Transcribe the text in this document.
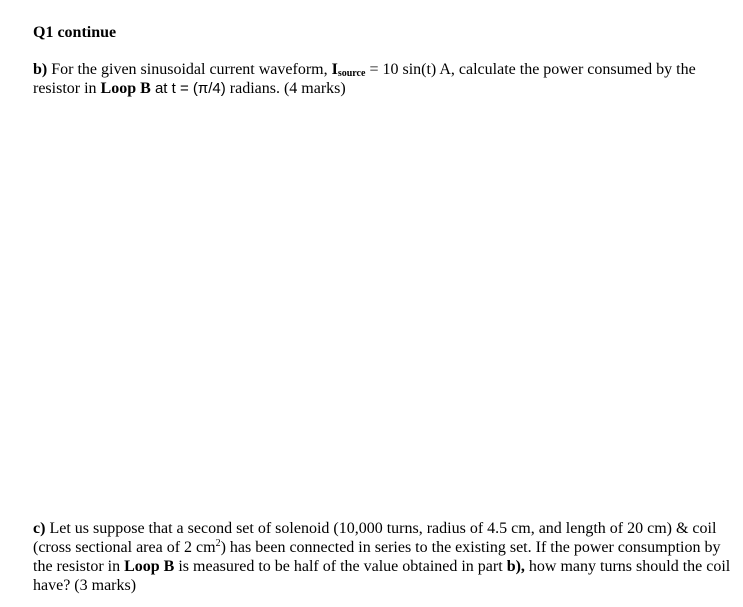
Q1 continue
b) For the given sinusoidal current waveform, $I_{source} = 10$ sin(t) A, calculate the power consumed by the
resistor in Loop B at t = (π/4) radians. (4 marks)
c) Let us suppose that a second set of solenoid (10,000 turns, radius of 4.5 cm, and length of 20 cm) & coil
(cross sectional area of 2 $cm^2$) has been connected in series to the existing set. If the power consumption by
the resistor in Loop B is measured to be half of the value obtained in part b), how many turns should the coil
have? (3 marks)
